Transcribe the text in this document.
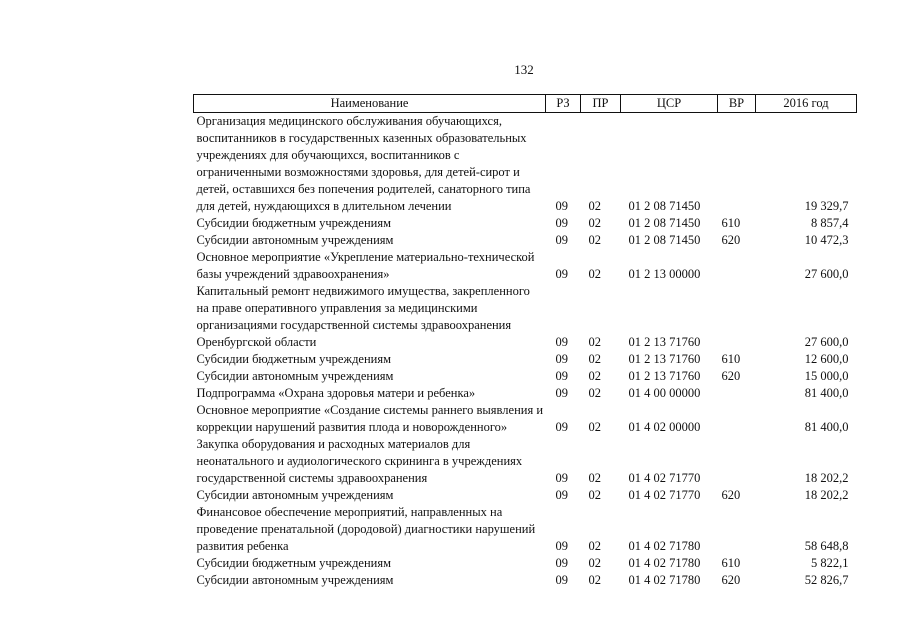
132
Наименование	РЗ	ПР	ЦСР	ВР	2016 год
Организация медицинского обслуживания обучающихся, воспитанников в государственных казенных образовательных учреждениях для обучающихся, воспитанников с ограниченными возможностями здоровья, для детей-сирот и детей, оставшихся без попечения родителей, санаторного типа для детей, нуждающихся в длительном лечении	09	02	01 2 08 71450		19 329,7
Субсидии бюджетным учреждениям	09	02	01 2 08 71450	610	8 857,4
Субсидии автономным учреждениям	09	02	01 2 08 71450	620	10 472,3
Основное мероприятие «Укрепление материально-технической базы учреждений здравоохранения»	09	02	01 2 13 00000		27 600,0
Капитальный ремонт недвижимого имущества, закрепленного на праве оперативного управления за медицинскими организациями государственной системы здравоохранения Оренбургской области	09	02	01 2 13 71760		27 600,0
Субсидии бюджетным учреждениям	09	02	01 2 13 71760	610	12 600,0
Субсидии автономным учреждениям	09	02	01 2 13 71760	620	15 000,0
Подпрограмма «Охрана здоровья матери и ребенка»	09	02	01 4 00 00000		81 400,0
Основное мероприятие «Создание системы раннего выявления и коррекции нарушений развития плода и новорожденного»	09	02	01 4 02 00000		81 400,0
Закупка оборудования и расходных материалов для неонатального и аудиологического скрининга в учреждениях государственной системы здравоохранения	09	02	01 4 02 71770		18 202,2
Субсидии автономным учреждениям	09	02	01 4 02 71770	620	18 202,2
Финансовое обеспечение мероприятий, направленных на проведение пренатальной (дородовой) диагностики нарушений развития ребенка	09	02	01 4 02 71780		58 648,8
Субсидии бюджетным учреждениям	09	02	01 4 02 71780	610	5 822,1
Субсидии автономным учреждениям	09	02	01 4 02 71780	620	52 826,7
